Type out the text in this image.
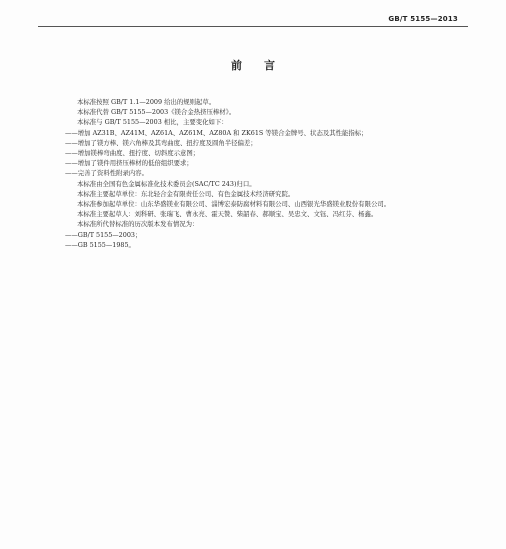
GB/T 5155—2013
前言

本标准按照 GB/T 1.1—2009 给出的规则起草。

本标准代替 GB/T 5155—2003《镁合金热挤压棒材》。

本标准与 GB/T 5155—2003 相比，主要变化如下：

——增加 AZ31B、AZ41M、AZ61A、AZ61M、AZ80A 和 ZK61S 等镁合金牌号、状态及其性能指标；

——增加了镁方棒、镁六角棒及其弯曲度、扭拧度及圆角半径偏差；

——增加镁棒弯曲度、扭拧度、切斜度示意图；

——增加了镁件用挤压棒材的低倍组织要求；

——完善了资料性附录内容。

本标准由全国有色金属标准化技术委员会(SAC/TC 243)归口。

本标准主要起草单位：东北轻合金有限责任公司、有色金属技术经济研究院。

本标准参加起草单位：山东华盛镁业有限公司、淄博宏泰防腐材料有限公司、山西银光华盛镁业股份有限公司。

本标准主要起草人：刘科研、张瑞飞、曹永亮、霍天赞、柴韶春、郝顺宝、吴忠文、文钰、冯红芬、杨鑫。

本标准所代替标准的历次版本发布情况为：

——GB/T 5155—2003；

——GB 5155—1985。
